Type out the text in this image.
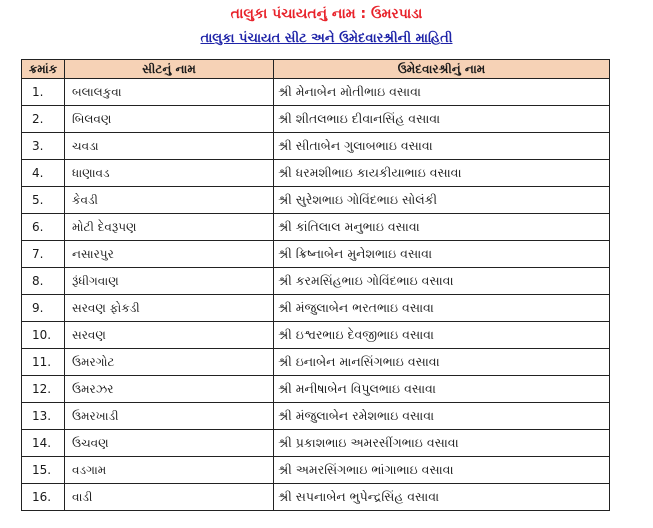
તાલુકા પંચાયતનું નામ : ઉમરપાડા
તાલુકા પંચાયત સીટ અને ઉમેદવારશ્રીની માહિતી
ક્રમાંક	સીટનું નામ	ઉમેદવારશ્રીનું નામ
1.	બલાલકુવા	શ્રી મેનાબેન મોતીભાઇ વસાવા
2.	બિલવણ	શ્રી શીતલભાઇ દીવાનસિંહ વસાવા
3.	ચવડા	શ્રી સીતાબેન ગુલાબભાઇ વસાવા
4.	ધાણાવડ	શ્રી ધરમશીભાઇ કાયકીયાભાઇ વસાવા
5.	કેવડી	શ્રી સુરેશભાઇ ગોવિંદભાઇ સોલંકી
6.	મોટી દેવરૂપણ	શ્રી કાંતિલાલ મનુભાઇ વસાવા
7.	નસારપુર	શ્રી ક્રિષ્નાબેન મુનેશભાઇ વસાવા
8.	રૂંધીગવાણ	શ્રી કરમસિંહભાઇ ગોવિંદભાઇ વસાવા
9.	સરવણ ફોકડી	શ્રી મંજુલાબેન ભરતભાઇ વસાવા
10.	સરવણ	શ્રી ઇશ્વરભાઇ દેવજીભાઇ વસાવા
11.	ઉમરગોટ	શ્રી ઇનાબેન માનસિંગભાઇ વસાવા
12.	ઉમરઝર	શ્રી મનીષાબેન વિપુલભાઇ વસાવા
13.	ઉમરખાડી	શ્રી મંજુલાબેન રમેશભાઇ વસાવા
14.	ઉચવણ	શ્રી પ્રકાશભાઇ અમરસીંગભાઇ વસાવા
15.	વડગામ	શ્રી અમરસિંગભાઇ ભાંગાભાઇ વસાવા
16.	વાડી	શ્રી સપનાબેન ભુપેન્દ્રસિંહ વસાવા
